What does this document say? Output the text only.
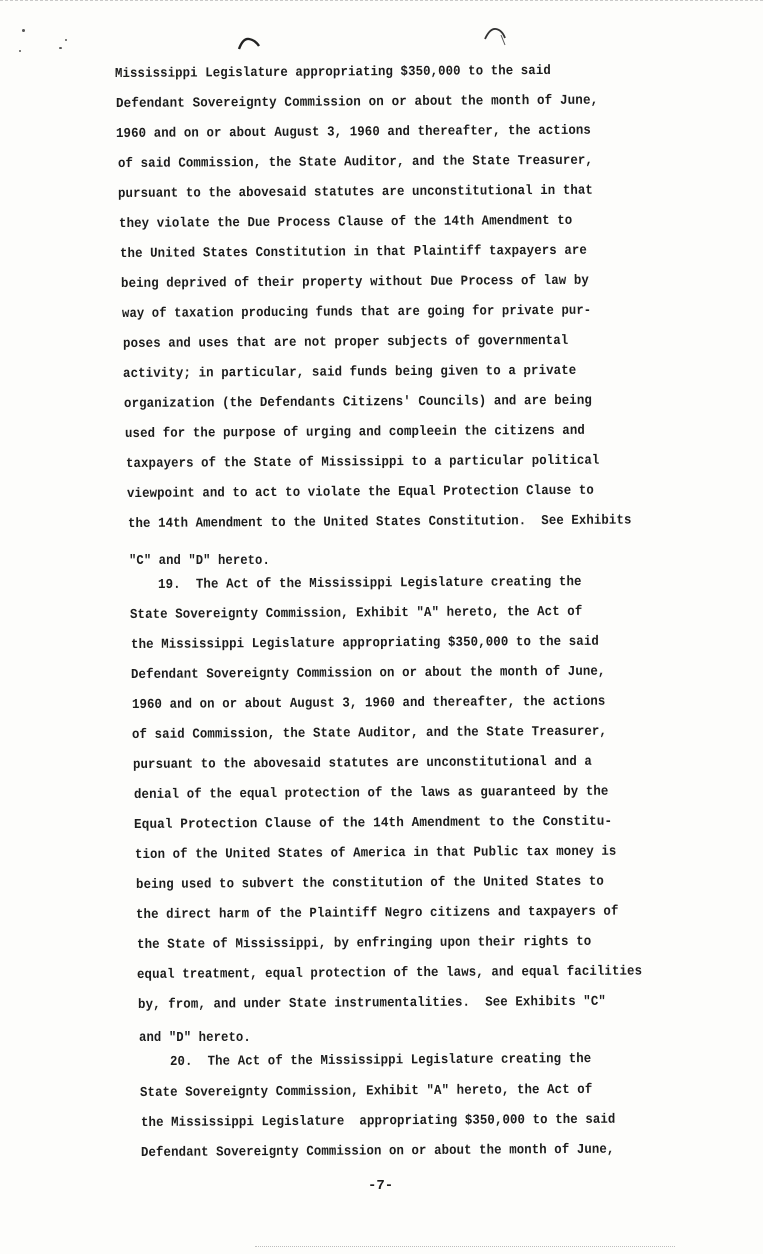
Mississippi Legislature appropriating $350,000 to the said
Defendant Sovereignty Commission on or about the month of June,
1960 and on or about August 3, 1960 and thereafter, the actions
of said Commission, the State Auditor, and the State Treasurer,
pursuant to the abovesaid statutes are unconstitutional in that
they violate the Due Process Clause of the 14th Amendment to
the United States Constitution in that Plaintiff taxpayers are
being deprived of their property without Due Process of law by
way of taxation producing funds that are going for private pur-
poses and uses that are not proper subjects of governmental
activity; in particular, said funds being given to a private
organization (the Defendants Citizens' Councils) and are being
used for the purpose of urging and compleein the citizens and
taxpayers of the State of Mississippi to a particular political
viewpoint and to act to violate the Equal Protection Clause to
the 14th Amendment to the United States Constitution.  See Exhibits
"C" and "D" hereto.
19.  The Act of the Mississippi Legislature creating the
State Sovereignty Commission, Exhibit "A" hereto, the Act of
the Mississippi Legislature appropriating $350,000 to the said
Defendant Sovereignty Commission on or about the month of June,
1960 and on or about August 3, 1960 and thereafter, the actions
of said Commission, the State Auditor, and the State Treasurer,
pursuant to the abovesaid statutes are unconstitutional and a
denial of the equal protection of the laws as guaranteed by the
Equal Protection Clause of the 14th Amendment to the Constitu-
tion of the United States of America in that Public tax money is
being used to subvert the constitution of the United States to
the direct harm of the Plaintiff Negro citizens and taxpayers of
the State of Mississippi, by enfringing upon their rights to
equal treatment, equal protection of the laws, and equal facilities
by, from, and under State instrumentalities.  See Exhibits "C"
and "D" hereto.
20.  The Act of the Mississippi Legislature creating the
State Sovereignty Commission, Exhibit "A" hereto, the Act of
the Mississippi Legislature  appropriating $350,000 to the said
Defendant Sovereignty Commission on or about the month of June,
-7-
